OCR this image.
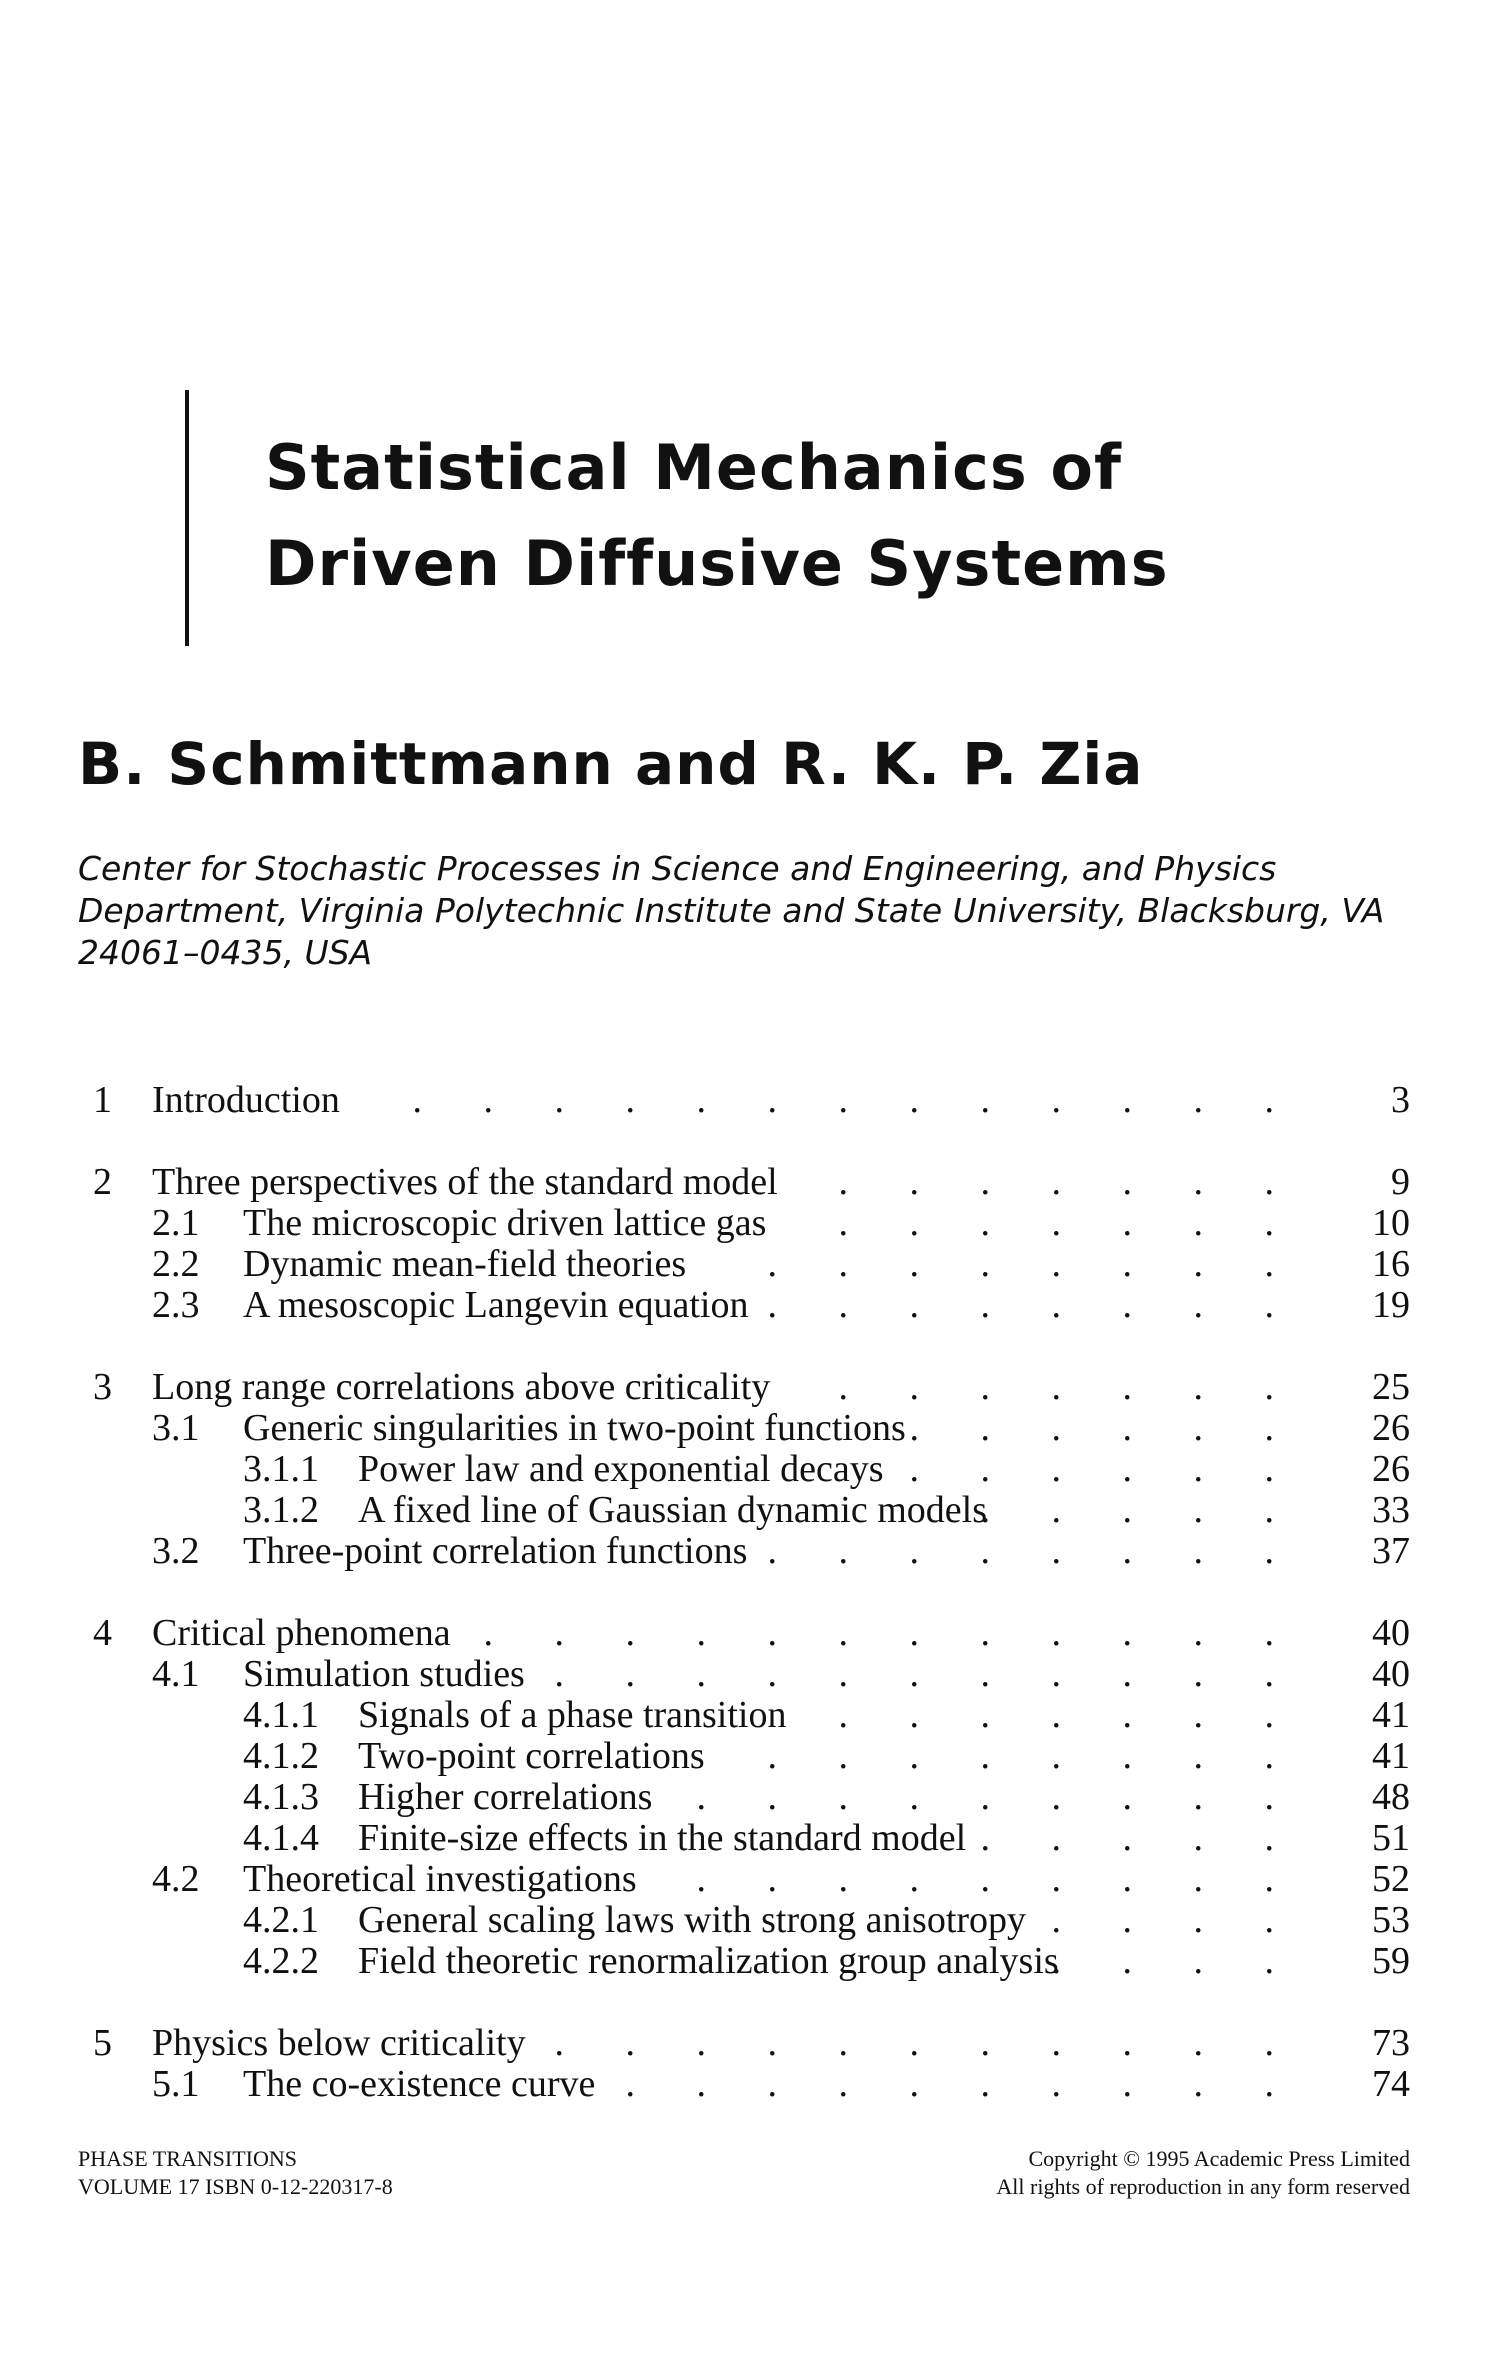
Statistical Mechanics of
Driven Diffusive Systems
B. Schmittmann and R. K. P. Zia

Center for Stochastic Processes in Science and Engineering, and Physics
Department, Virginia Polytechnic Institute and State University, Blacksburg, VA
24061–0435, USA

1 Introduction . . . . . . . . . . . . . 3
2 Three perspectives of the standard model . . . . . . . 9
2.1 The microscopic driven lattice gas . . . . . . . 10
2.2 Dynamic mean-field theories . . . . . . . . 16
2.3 A mesoscopic Langevin equation . . . . . . . . 19
3 Long range correlations above criticality . . . . . . . 25
3.1 Generic singularities in two-point functions . . . . . . 26
3.1.1 Power law and exponential decays . . . . . . 26
3.1.2 A fixed line of Gaussian dynamic models
. . . . . 33
3.2 Three-point correlation functions . . . . . . . . 37
4 Critical phenomena . . . . . . . . . . . . 40
4.1 Simulation studies . . . . . . . . . . . 40
4.1.1 Signals of a phase transition . . . . . . . 41
4.1.2 Two-point correlations . . . . . . . . 41
4.1.3 Higher correlations . . . . . . . . . 48
4.1.4 Finite-size effects in the standard model . . . . . 51
4.2 Theoretical investigations . . . . . . . . . 52
4.2.1 General scaling laws with strong anisotropy . . . . 53
4.2.2 Field theoretic renormalization group analysis
. . . . 59
5 Physics below criticality . . . . . . . . . . . 73
5.1 The co-existence curve . . . . . . . . . . 74
PHASE TRANSITIONS
VOLUME 17 ISBN 0-12-220317-8
Copyright © 1995 Academic Press Limited
All rights of reproduction in any form reserved
